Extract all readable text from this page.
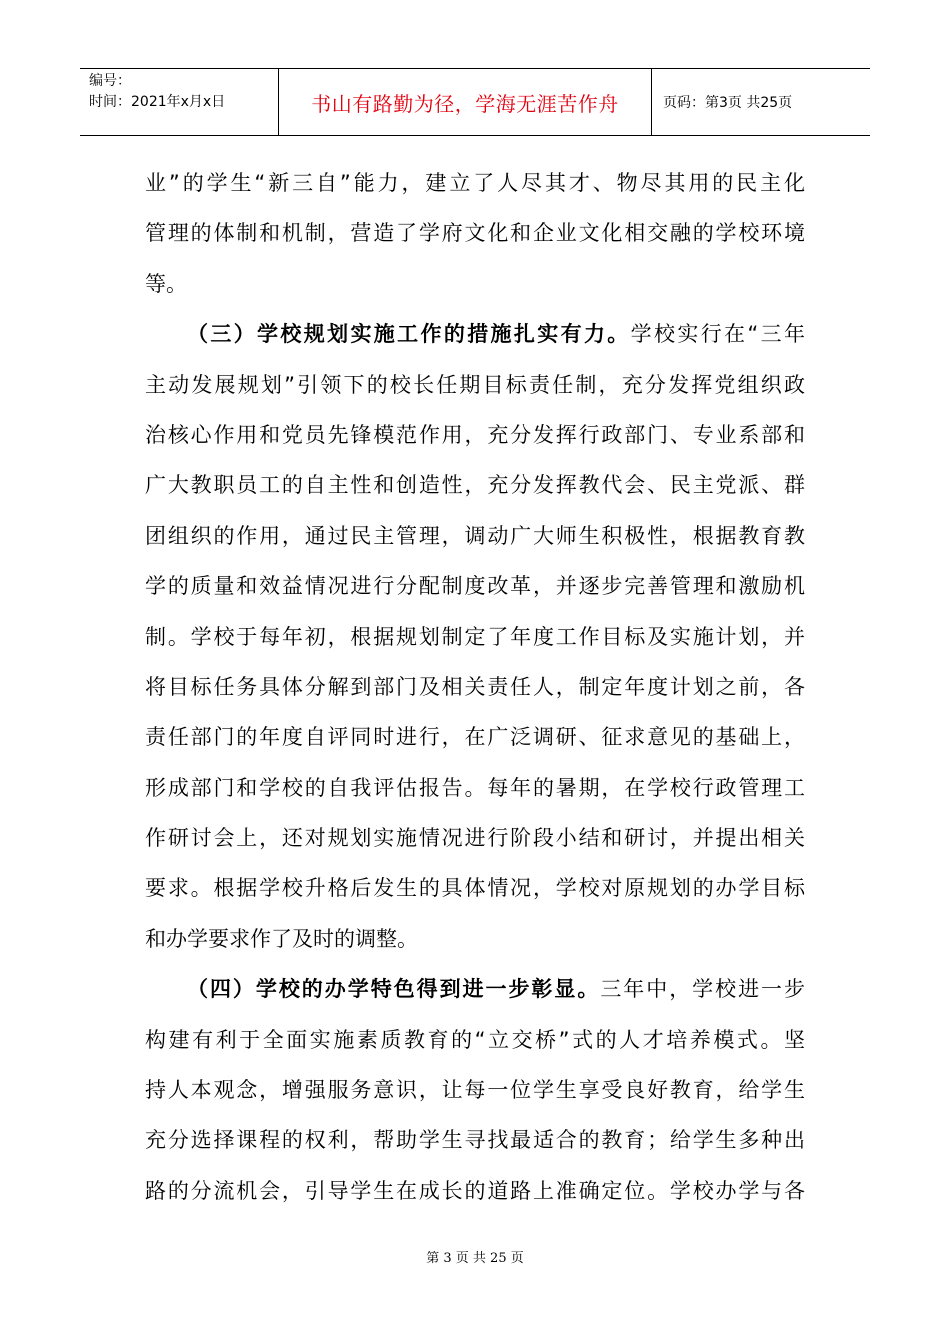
编号：
时间：2021年x月x日	书山有路勤为径，学海无涯苦作舟	页码：第3页 共25页
业”的学生“新三自”能力，建立了人尽其才、物尽其用的民主化
管理的体制和机制，营造了学府文化和企业文化相交融的学校环境
等。
（三）学校规划实施工作的措施扎实有力。学校实行在“三年
主动发展规划”引领下的校长任期目标责任制，充分发挥党组织政
治核心作用和党员先锋模范作用，充分发挥行政部门、专业系部和
广大教职员工的自主性和创造性，充分发挥教代会、民主党派、群
团组织的作用，通过民主管理，调动广大师生积极性，根据教育教
学的质量和效益情况进行分配制度改革，并逐步完善管理和激励机
制。学校于每年初，根据规划制定了年度工作目标及实施计划，并
将目标任务具体分解到部门及相关责任人，制定年度计划之前，各
责任部门的年度自评同时进行，在广泛调研、征求意见的基础上，
形成部门和学校的自我评估报告。每年的暑期，在学校行政管理工
作研讨会上，还对规划实施情况进行阶段小结和研讨，并提出相关
要求。根据学校升格后发生的具体情况，学校对原规划的办学目标
和办学要求作了及时的调整。
（四）学校的办学特色得到进一步彰显。三年中，学校进一步
构建有利于全面实施素质教育的“立交桥”式的人才培养模式。坚
持人本观念，增强服务意识，让每一位学生享受良好教育，给学生
充分选择课程的权利，帮助学生寻找最适合的教育；给学生多种出
路的分流机会，引导学生在成长的道路上准确定位。学校办学与各
第 3 页 共 25 页
